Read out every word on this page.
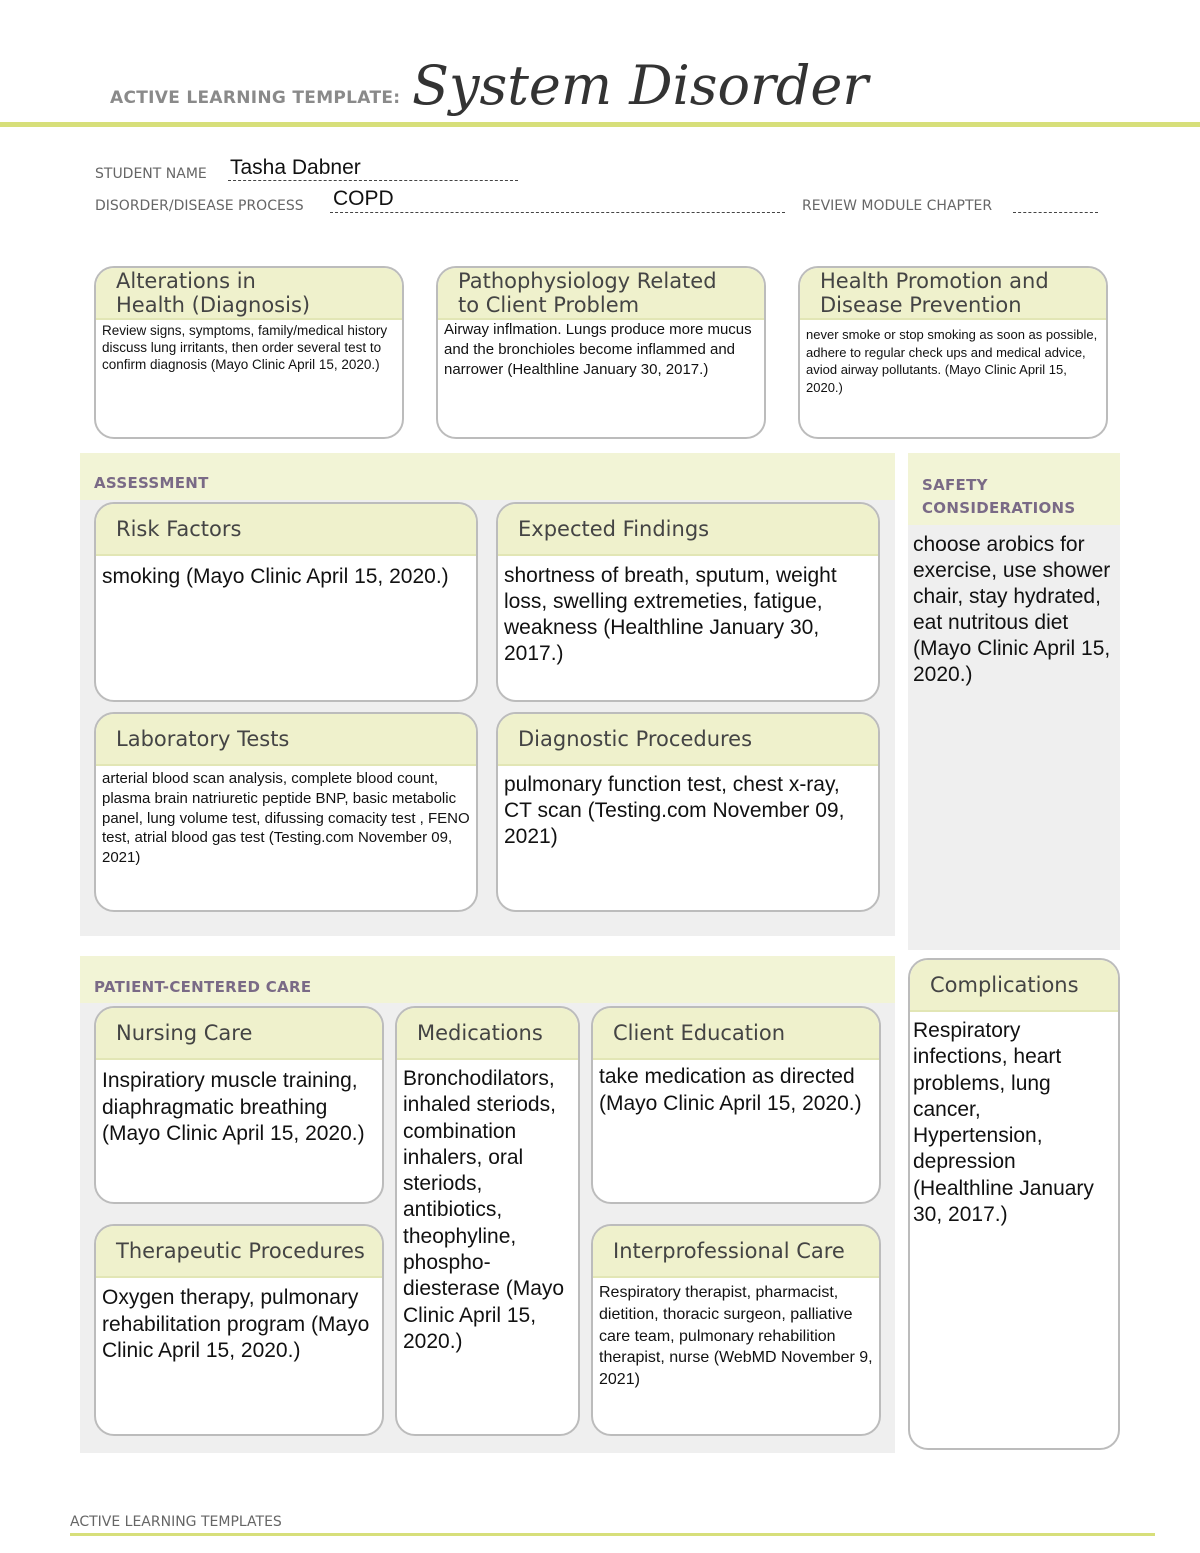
ACTIVE LEARNING TEMPLATE: System Disorder
STUDENT NAME Tasha Dabner
DISORDER/DISEASE PROCESS COPD	REVIEW MODULE CHAPTER
Alterations in
Health (Diagnosis)
Review signs, symptoms, family/medical history discuss lung irritants, then order several test to confirm diagnosis (Mayo Clinic April 15, 2020.)
Pathophysiology Related
to Client Problem
Airway inflmation. Lungs produce more mucus and the bronchioles become inflammed and narrower (Healthline January 30, 2017.)
Health Promotion and
Disease Prevention
never smoke or stop smoking as soon as possible, adhere to regular check ups and medical advice, aviod airway pollutants. (Mayo Clinic April 15, 2020.)
ASSESSMENT
Risk Factors
smoking (Mayo Clinic April 15, 2020.)
Expected Findings
shortness of breath, sputum, weight loss, swelling extremeties, fatigue, weakness (Healthline January 30, 2017.)
Laboratory Tests
arterial blood scan analysis, complete blood count, plasma brain natriuretic peptide BNP, basic metabolic panel, lung volume test, difussing comacity test , FENO test, atrial blood gas test (Testing.com November 09, 2021)
Diagnostic Procedures
pulmonary function test, chest x-ray, CT scan (Testing.com November 09, 2021)
SAFETY
CONSIDERATIONS
choose arobics for exercise, use shower chair, stay hydrated, eat nutritous diet (Mayo Clinic April 15, 2020.)
PATIENT-CENTERED CARE
Nursing Care
Inspiratiory muscle training, diaphragmatic breathing (Mayo Clinic April 15, 2020.)
Medications
Bronchodilators, inhaled steriods, combination inhalers, oral steriods, antibiotics, theophyline, phospho-diesterase (Mayo Clinic April 15, 2020.)
Client Education
take medication as directed (Mayo Clinic April 15, 2020.)
Therapeutic Procedures
Oxygen therapy, pulmonary rehabilitation program (Mayo Clinic April 15, 2020.)
Interprofessional Care
Respiratory therapist, pharmacist, dietition, thoracic surgeon, palliative care team, pulmonary rehabilition therapist, nurse (WebMD November 9, 2021)
Complications
Respiratory infections, heart problems, lung cancer, Hypertension, depression (Healthline January 30, 2017.)
ACTIVE LEARNING TEMPLATES
